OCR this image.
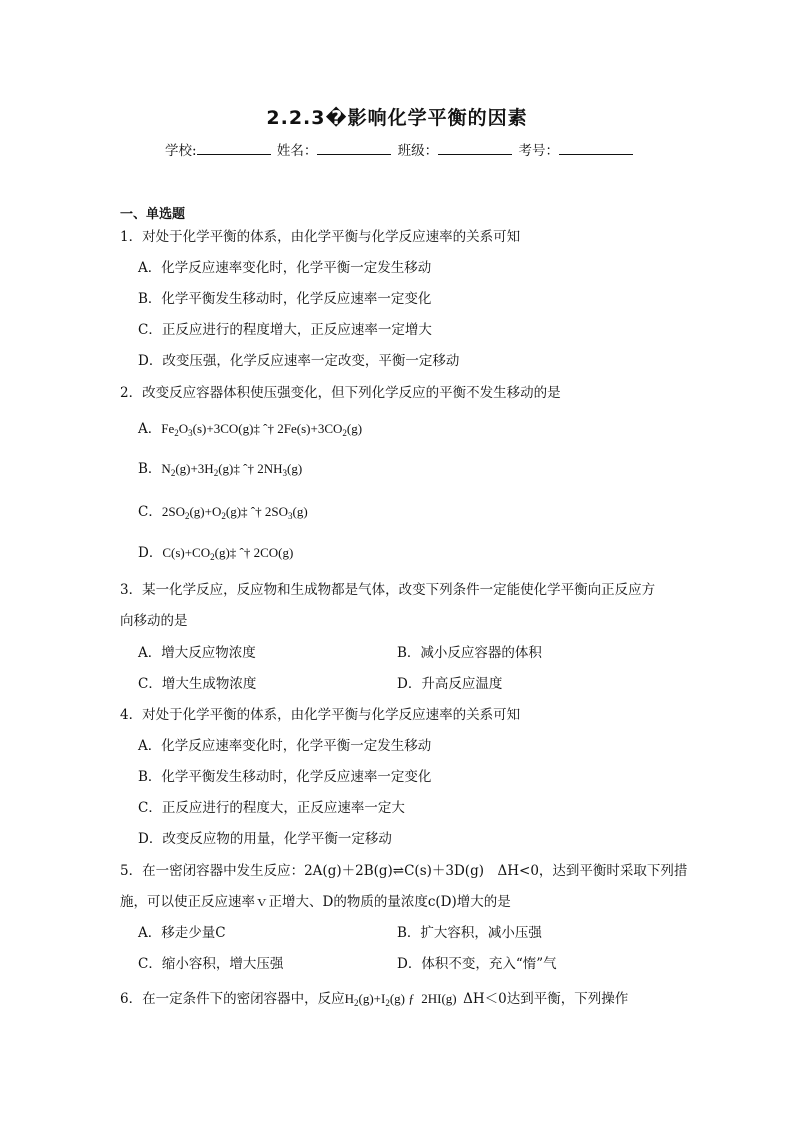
2.2.3�影响化学平衡的因素
学校:	姓名：	班级：	考号：
一、单选题
1．对处于化学平衡的体系，由化学平衡与化学反应速率的关系可知
A．化学反应速率变化时，化学平衡一定发生移动
B．化学平衡发生移动时，化学反应速率一定变化
C．正反应进行的程度增大，正反应速率一定增大
D．改变压强，化学反应速率一定改变，平衡一定移动
2．改变反应容器体积使压强变化，但下列化学反应的平衡不发生移动的是
A．$Fe_2O_3(s)+3CO(g)\ddagger$ ˆ† $2Fe(s)+3CO_2(g)$
B．$N_2(g)+3H_2(g)\ddagger$ ˆ† $2NH_3(g)$
C．$2SO_2(g)+O_2(g)\ddagger$ ˆ† $2SO_3(g)$
D．$C(s)+CO_2(g)\ddagger$ ˆ† 2CO(g)
3．某一化学反应，反应物和生成物都是气体，改变下列条件一定能使化学平衡向正反应方
向移动的是
A．增大反应物浓度	B．减小反应容器的体积
C．增大生成物浓度	D．升高反应温度
4．对处于化学平衡的体系，由化学平衡与化学反应速率的关系可知
A．化学反应速率变化时，化学平衡一定发生移动
B．化学平衡发生移动时，化学反应速率一定变化
C．正反应进行的程度大，正反应速率一定大
D．改变反应物的用量，化学平衡一定移动
5．在一密闭容器中发生反应：2A(g)＋2B(g)⇌C(s)＋3D(g)　ΔH<0，达到平衡时采取下列措
施，可以使正反应速率ｖ正增大、D的物质的量浓度c(D)增大的是
A．移走少量C	B．扩大容积，减小压强
C．缩小容积，增大压强	D．体积不变，充入“惰”气
6．在一定条件下的密闭容器中，反应$H_2(g)+I_2(g)$ ƒ  2HI(g)  ΔH＜0达到平衡，下列操作
